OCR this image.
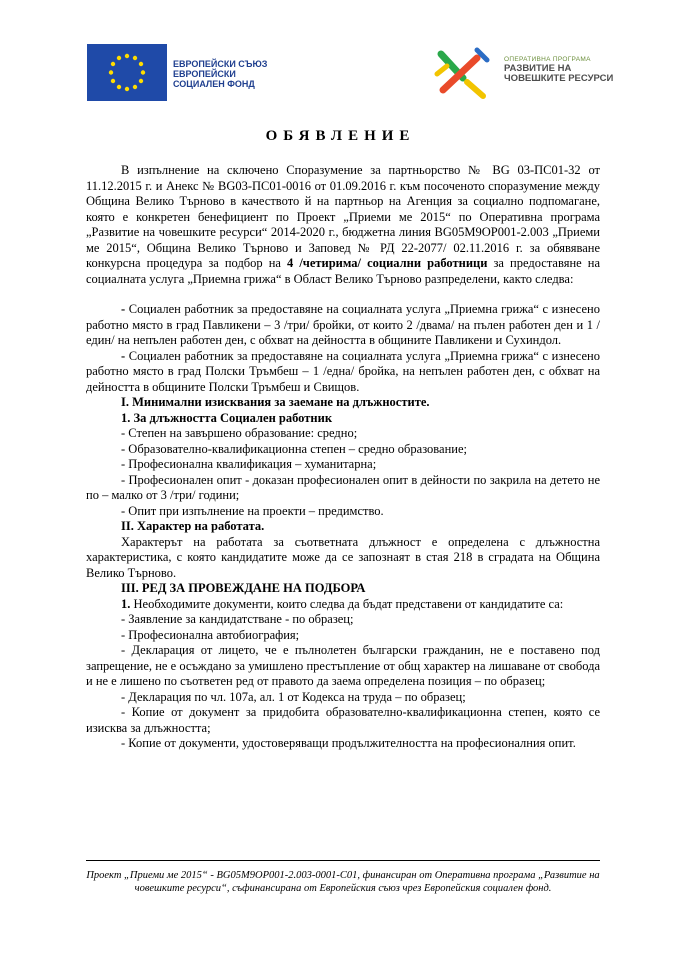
ЕВРОПЕЙСКИ СЪЮЗ
ЕВРОПЕЙСКИ
СОЦИАЛЕН ФОНД
ОПЕРАТИВНА ПРОГРАМА
РАЗВИТИЕ НА
ЧОВЕШКИТЕ РЕСУРСИ
ОБЯВЛЕНИЕ

В изпълнение на сключено Споразумение за партньорство № BG 03-ПС01-32 от 11.12.2015 г. и Анекс № BG03-ПС01-0016 от 01.09.2016 г. към посоченото споразумение между Община Велико Търново в качеството й на партньор на Агенция за социално подпомагане, която е конкретен бенефициент по Проект „Приеми ме 2015“ по Оперативна програма „Развитие на човешките ресурси“ 2014-2020 г., бюджетна линия BG05M9OP001-2.003 „Приеми ме 2015“, Община Велико Търново и Заповед № РД 22-2077/ 02.11.2016 г. за обявяване конкурсна процедура за подбор на 4 /четирима/ социални работници за предоставяне на социалната услуга „Приемна грижа“ в Област Велико Търново разпределени, както следва:

- Социален работник за предоставяне на социалната услуга „Приемна грижа“ с изнесено работно място в град Павликени – 3 /три/ бройки, от които 2 /двама/ на пълен работен ден и 1 /един/ на непълен работен ден, с обхват на дейността в общините Павликени и Сухиндол.

- Социален работник за предоставяне на социалната услуга „Приемна грижа“ с изнесено работно място в град Полски Тръмбеш – 1 /една/ бройка, на непълен работен ден, с обхват на дейността в общините Полски Тръмбеш и Свищов.

I. Минимални изисквания за заемане на длъжностите.

1. За длъжността Социален работник

- Степен на завършено образование: средно;

- Образователно-квалификационна степен – средно образование;

- Професионална квалификация – хуманитарна;

- Професионален опит - доказан професионален опит в дейности по закрила на детето не по – малко от 3 /три/ години;

- Опит при изпълнение на проекти – предимство.

II. Характер на работата.

Характерът на работата за съответната длъжност е определена с длъжностна характеристика, с която кандидатите може да се запознаят в стая 218 в сградата на Община Велико Търново.

III. РЕД ЗА ПРОВЕЖДАНЕ НА ПОДБОРА

1. Необходимите документи, които следва да бъдат представени от кандидатите са:

- Заявление за кандидатстване - по образец;

- Професионална автобиография;

- Декларация от лицето, че е пълнолетен български гражданин, не е поставено под запрещение, не е осъждано за умишлено престъпление от общ характер на лишаване от свобода и не е лишено по съответен ред от правото да заема определена позиция – по образец;

- Декларация по чл. 107а, ал. 1 от Кодекса на труда – по образец;

- Копие от документ за придобита образователно-квалификационна степен, която се изисква за длъжността;

- Копие от документи, удостоверяващи продължителността на професионалния опит.

Проект „Приеми ме 2015“ - BG05M9OP001-2.003-0001-C01, финансиран от Оперативна програма „Развитие на човешките ресурси“, съфинансирана от Европейския съюз чрез Европейския социален фонд.
